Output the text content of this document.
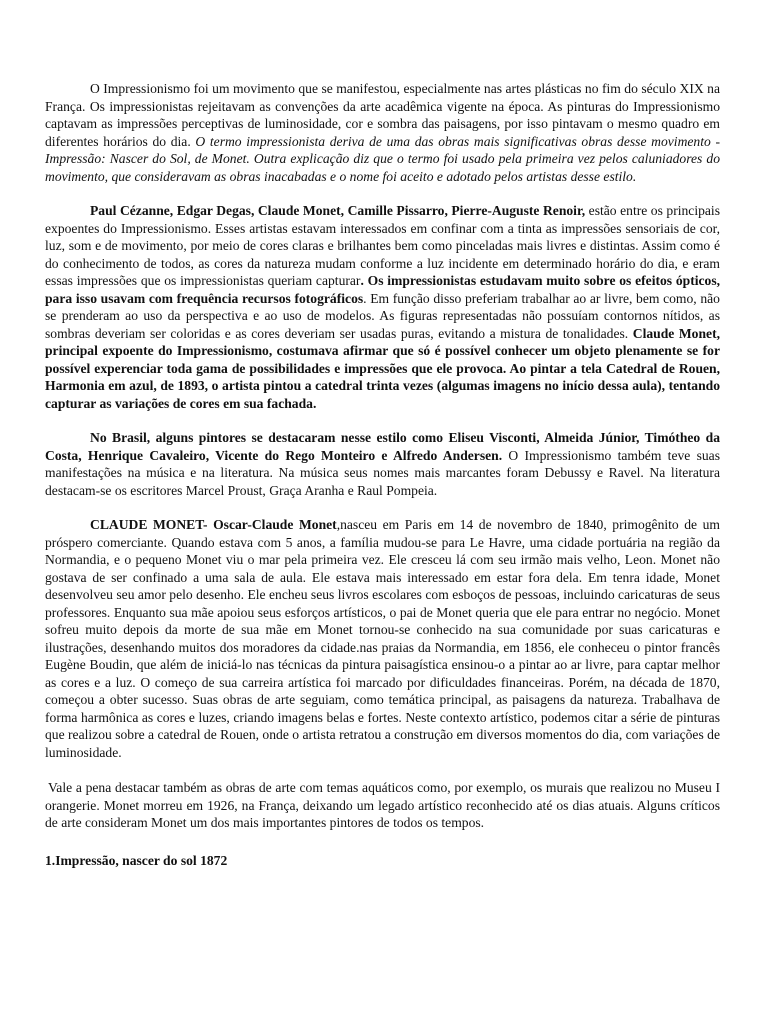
O Impressionismo foi um movimento que se manifestou, especialmente nas artes plásticas no fim do século XIX na França. Os impressionistas rejeitavam as convenções da arte acadêmica vigente na época. As pinturas do Impressionismo captavam as impressões perceptivas de luminosidade, cor e sombra das paisagens, por isso pintavam o mesmo quadro em diferentes horários do dia. O termo impressionista deriva de uma das obras mais significativas obras desse movimento - Impressão: Nascer do Sol, de Monet. Outra explicação diz que o termo foi usado pela primeira vez pelos caluniadores do movimento, que consideravam as obras inacabadas e o nome foi aceito e adotado pelos artistas desse estilo.

Paul Cézanne, Edgar Degas, Claude Monet, Camille Pissarro, Pierre-Auguste Renoir, estão entre os principais expoentes do Impressionismo. Esses artistas estavam interessados em confinar com a tinta as impressões sensoriais de cor, luz, som e de movimento, por meio de cores claras e brilhantes bem como pinceladas mais livres e distintas. Assim como é do conhecimento de todos, as cores da natureza mudam conforme a luz incidente em determinado horário do dia, e eram essas impressões que os impressionistas queriam capturar. Os impressionistas estudavam muito sobre os efeitos ópticos, para isso usavam com frequência recursos fotográficos. Em função disso preferiam trabalhar ao ar livre, bem como, não se prenderam ao uso da perspectiva e ao uso de modelos. As figuras representadas não possuíam contornos nítidos, as sombras deveriam ser coloridas e as cores deveriam ser usadas puras, evitando a mistura de tonalidades. Claude Monet, principal expoente do Impressionismo, costumava afirmar que só é possível conhecer um objeto plenamente se for possível experenciar toda gama de possibilidades e impressões que ele provoca. Ao pintar a tela Catedral de Rouen, Harmonia em azul, de 1893, o artista pintou a catedral trinta vezes (algumas imagens no início dessa aula), tentando capturar as variações de cores em sua fachada.

No Brasil, alguns pintores se destacaram nesse estilo como Eliseu Visconti, Almeida Júnior, Timótheo da Costa, Henrique Cavaleiro, Vicente do Rego Monteiro e Alfredo Andersen. O Impressionismo também teve suas manifestações na música e na literatura. Na música seus nomes mais marcantes foram Debussy e Ravel. Na literatura destacam-se os escritores Marcel Proust, Graça Aranha e Raul Pompeia.

CLAUDE MONET- Oscar-Claude Monet,nasceu em Paris em 14 de novembro de 1840, primogênito de um próspero comerciante. Quando estava com 5 anos, a família mudou-se para Le Havre, uma cidade portuária na região da Normandia, e o pequeno Monet viu o mar pela primeira vez. Ele cresceu lá com seu irmão mais velho, Leon. Monet não gostava de ser confinado a uma sala de aula. Ele estava mais interessado em estar fora dela. Em tenra idade, Monet desenvolveu seu amor pelo desenho. Ele encheu seus livros escolares com esboços de pessoas, incluindo caricaturas de seus professores. Enquanto sua mãe apoiou seus esforços artísticos, o pai de Monet queria que ele para entrar no negócio. Monet sofreu muito depois da morte de sua mãe em Monet tornou-se conhecido na sua comunidade por suas caricaturas e ilustrações, desenhando muitos dos moradores da cidade.nas praias da Normandia, em 1856, ele conheceu o pintor francês Eugène Boudin, que além de iniciá-lo nas técnicas da pintura paisagística ensinou-o a pintar ao ar livre, para captar melhor as cores e a luz. O começo de sua carreira artística foi marcado por dificuldades financeiras. Porém, na década de 1870, começou a obter sucesso. Suas obras de arte seguiam, como temática principal, as paisagens da natureza. Trabalhava de forma harmônica as cores e luzes, criando imagens belas e fortes. Neste contexto artístico, podemos citar a série de pinturas que realizou sobre a catedral de Rouen, onde o artista retratou a construção em diversos momentos do dia, com variações de luminosidade.

Vale a pena destacar também as obras de arte com temas aquáticos como, por exemplo, os murais que realizou no Museu I orangerie. Monet morreu em 1926, na França, deixando um legado artístico reconhecido até os dias atuais. Alguns críticos de arte consideram Monet um dos mais importantes pintores de todos os tempos.

1.Impressão, nascer do sol 1872
